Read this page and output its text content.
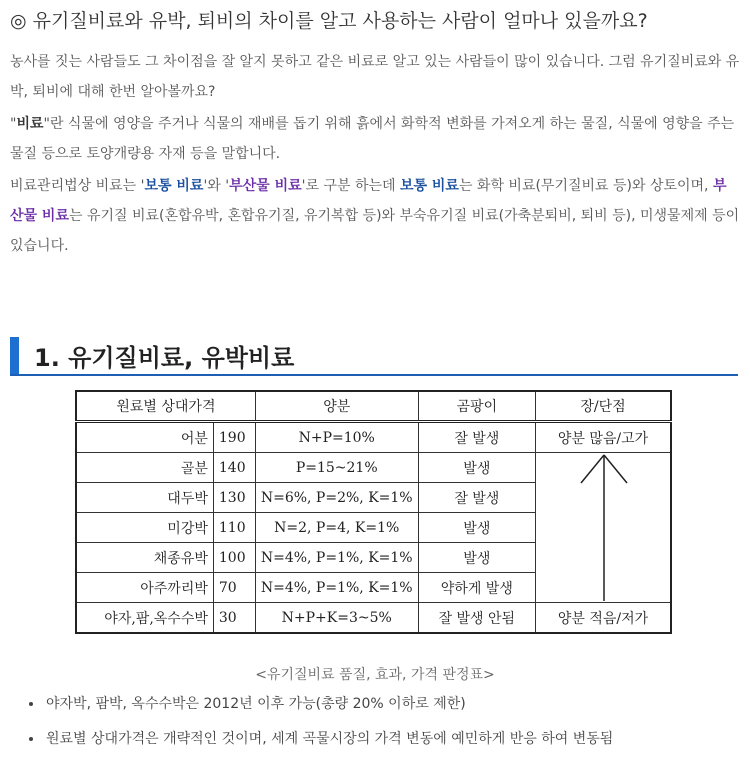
◎ 유기질비료와 유박, 퇴비의 차이를 알고 사용하는 사람이 얼마나 있을까요?
농사를 짓는 사람들도 그 차이점을 잘 알지 못하고 같은 비료로 알고 있는 사람들이 많이 있습니다. 그럼 유기질비료와 유박, 퇴비에 대해 한번 알아볼까요?
"비료"란 식물에 영양을 주거나 식물의 재배를 돕기 위해 흙에서 화학적 변화를 가져오게 하는 물질, 식물에 영향을 주는 물질 등으로 토양개량용 자재 등을 말합니다.
비료관리법상 비료는 '보통 비료'와 '부산물 비료'로 구분 하는데 보통 비료는 화학 비료(무기질비료 등)와 상토이며, 부산물 비료는 유기질 비료(혼합유박, 혼합유기질, 유기복합 등)와 부숙유기질 비료(가축분퇴비, 퇴비 등), 미생물제제 등이 있습니다.
1. 유기질비료, 유박비료
원료별 상대가격		양분	곰팡이	장/단점
어분	190	N+P=10%	잘 발생	양분 많음/고가
골분	140	P=15~21%	발생	

대두박	130	N=6%, P=2%, K=1%	잘 발생	
미강박	110	N=2, P=4, K=1%	발생	
채종유박	100	N=4%, P=1%, K=1%	발생	
아주까리박	70	N=4%, P=1%, K=1%	약하게 발생	
야자,팜,옥수수박	30	N+P+K=3~5%	잘 발생 안됨	양분 적음/저가
<유기질비료 품질, 효과, 가격 판정표>
• 야자박, 팜박, 옥수수박은 2012년 이후 가능(총량 20% 이하로 제한)
• 원료별 상대가격은 개략적인 것이며, 세계 곡물시장의 가격 변동에 예민하게 반응 하여 변동됨
